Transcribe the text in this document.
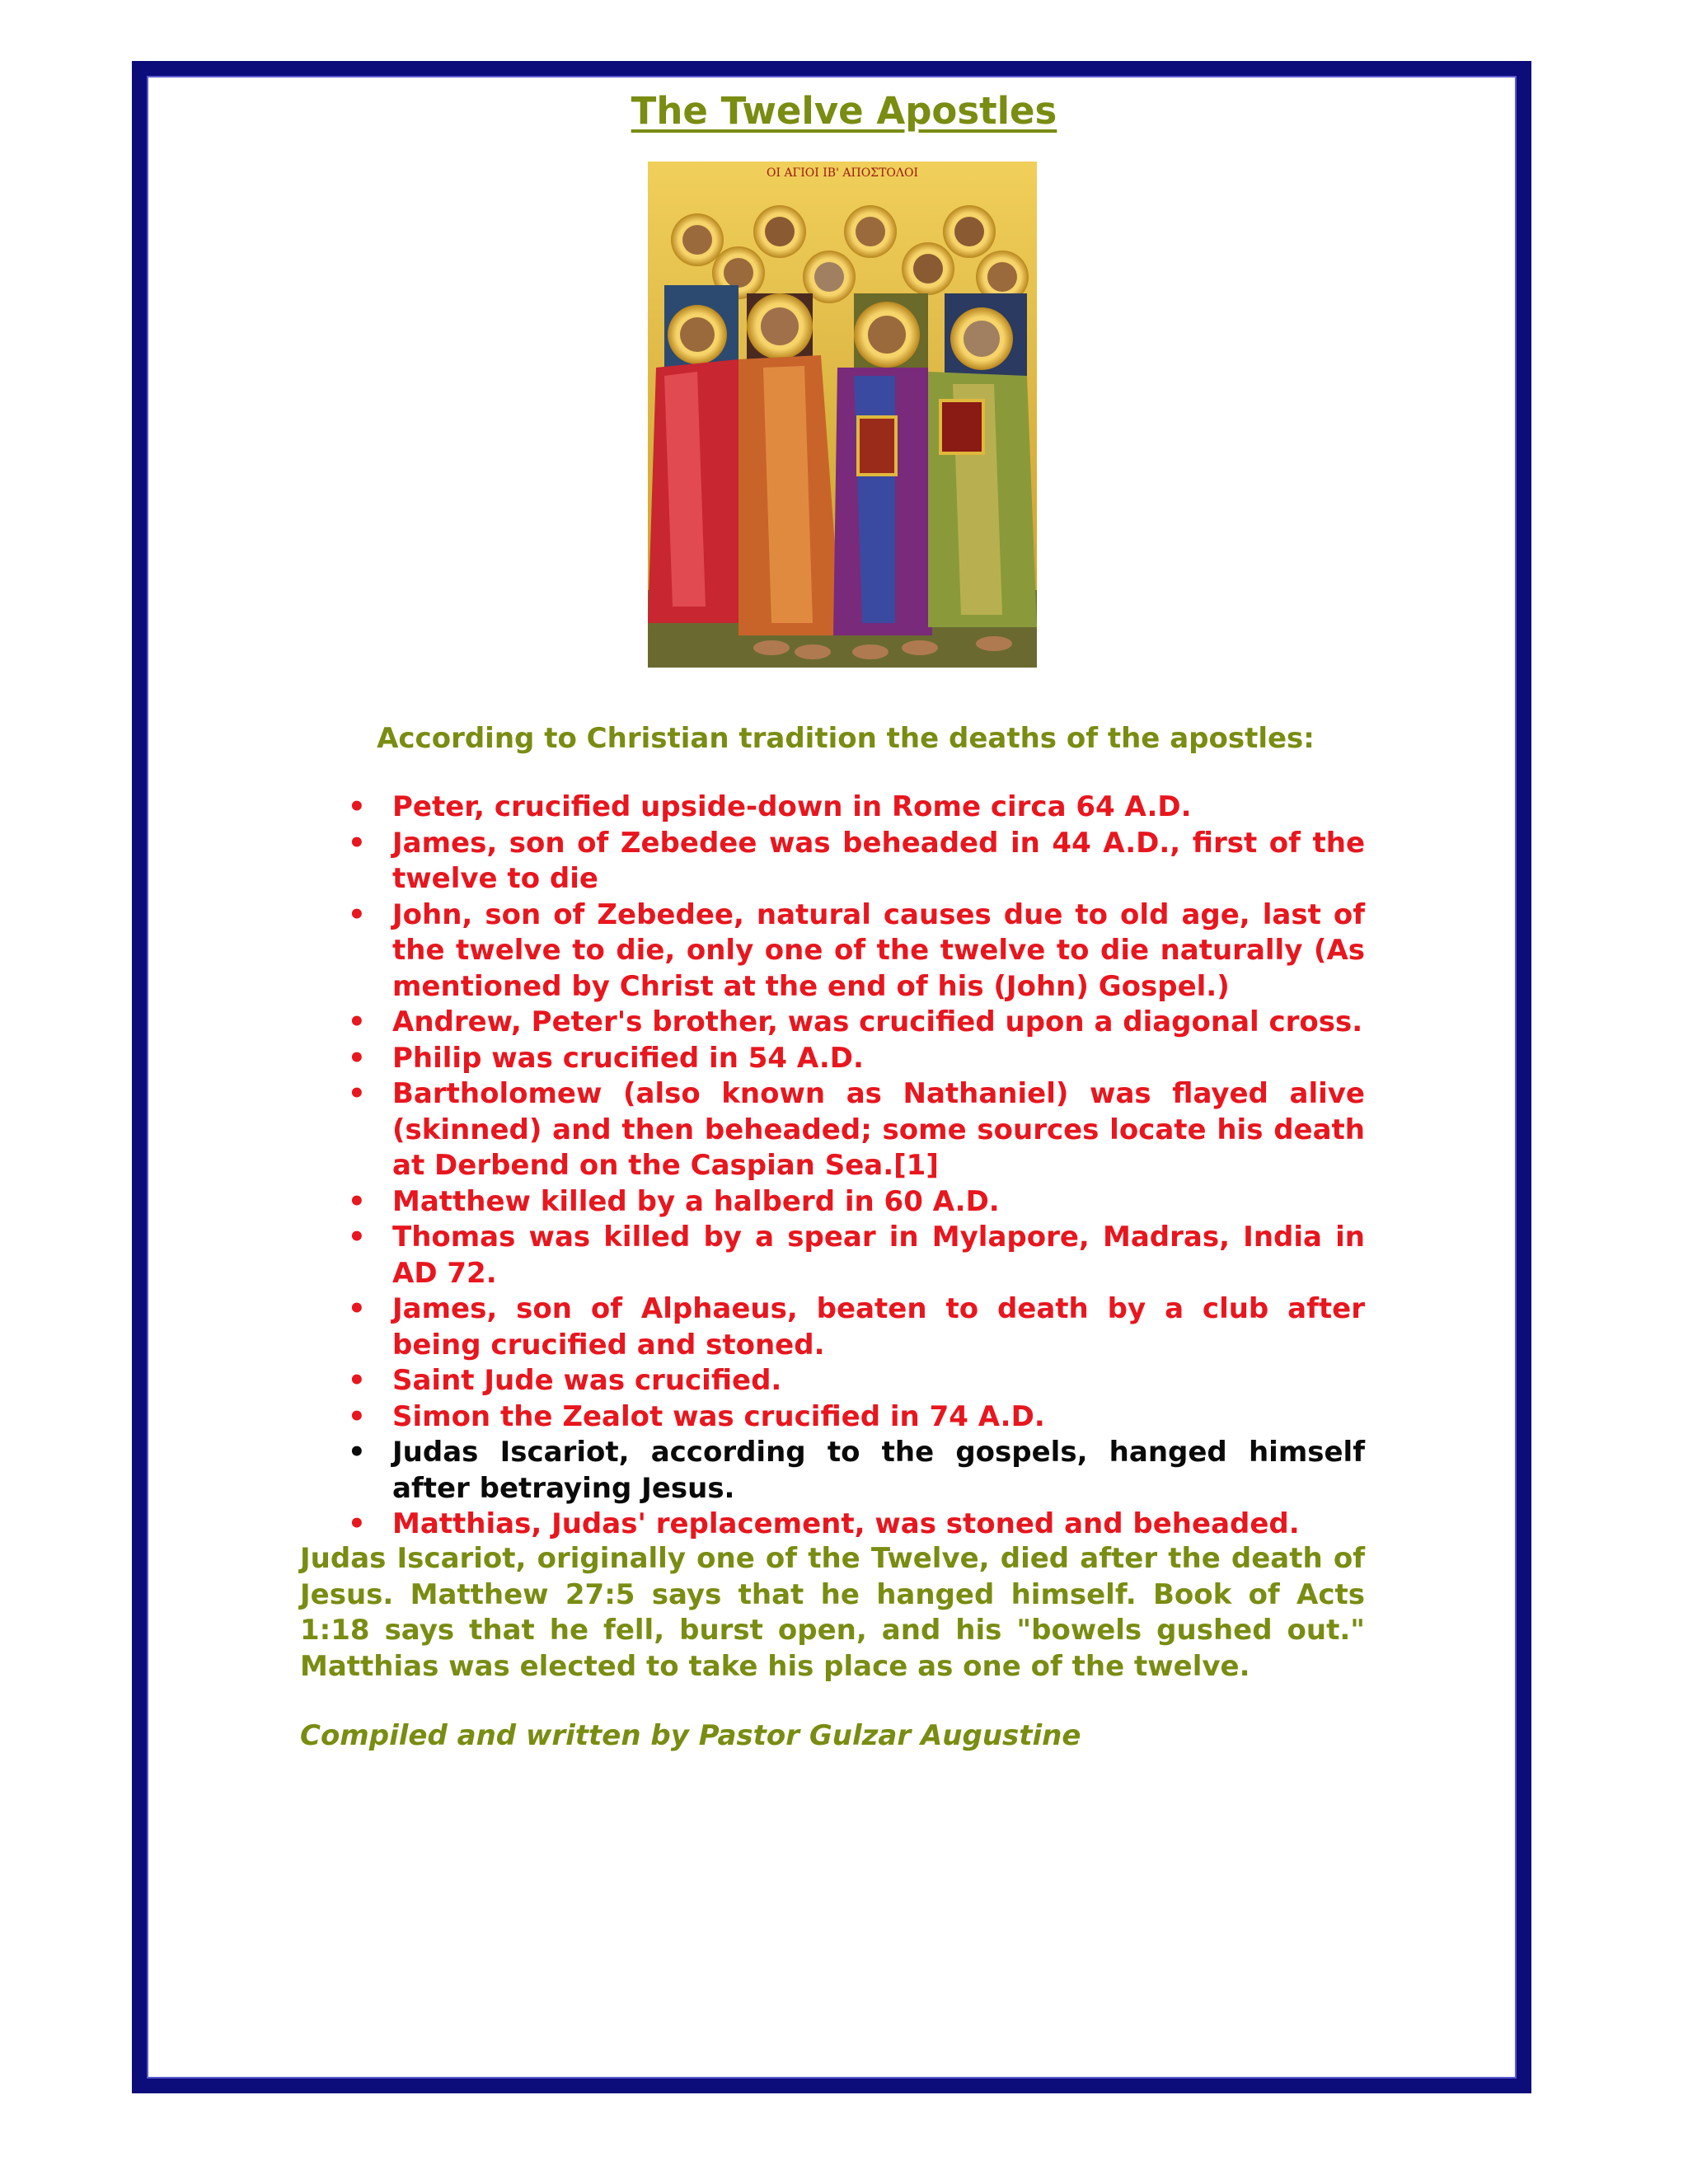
The Twelve Apostles
ΟΙ ΑΓΙΟΙ ΙΒ' ΑΠΟΣΤΟΛΟΙ
According to Christian tradition the deaths of the apostles:
• Peter, crucified upside-down in Rome circa 64 A.D.
• James, son of Zebedee was beheaded in 44 A.D., first of the twelve to die
• John, son of Zebedee, natural causes due to old age, last of the twelve to die, only one of the twelve to die naturally (As mentioned by Christ at the end of his (John) Gospel.)
• Andrew, Peter's brother, was crucified upon a diagonal cross.
• Philip was crucified in 54 A.D.
• Bartholomew (also known as Nathaniel) was flayed alive (skinned) and then beheaded; some sources locate his death at Derbend on the Caspian Sea.[1]
• Matthew killed by a halberd in 60 A.D.
• Thomas was killed by a spear in Mylapore, Madras, India in AD 72.
• James, son of Alphaeus, beaten to death by a club after being crucified and stoned.
• Saint Jude was crucified.
• Simon the Zealot was crucified in 74 A.D.
• Judas Iscariot, according to the gospels, hanged himself after betraying Jesus.
• Matthias, Judas' replacement, was stoned and beheaded.

Judas Iscariot, originally one of the Twelve, died after the death of Jesus. Matthew 27:5 says that he hanged himself. Book of Acts 1:18 says that he fell, burst open, and his "bowels gushed out." Matthias was elected to take his place as one of the twelve.

Compiled and written by Pastor Gulzar Augustine
